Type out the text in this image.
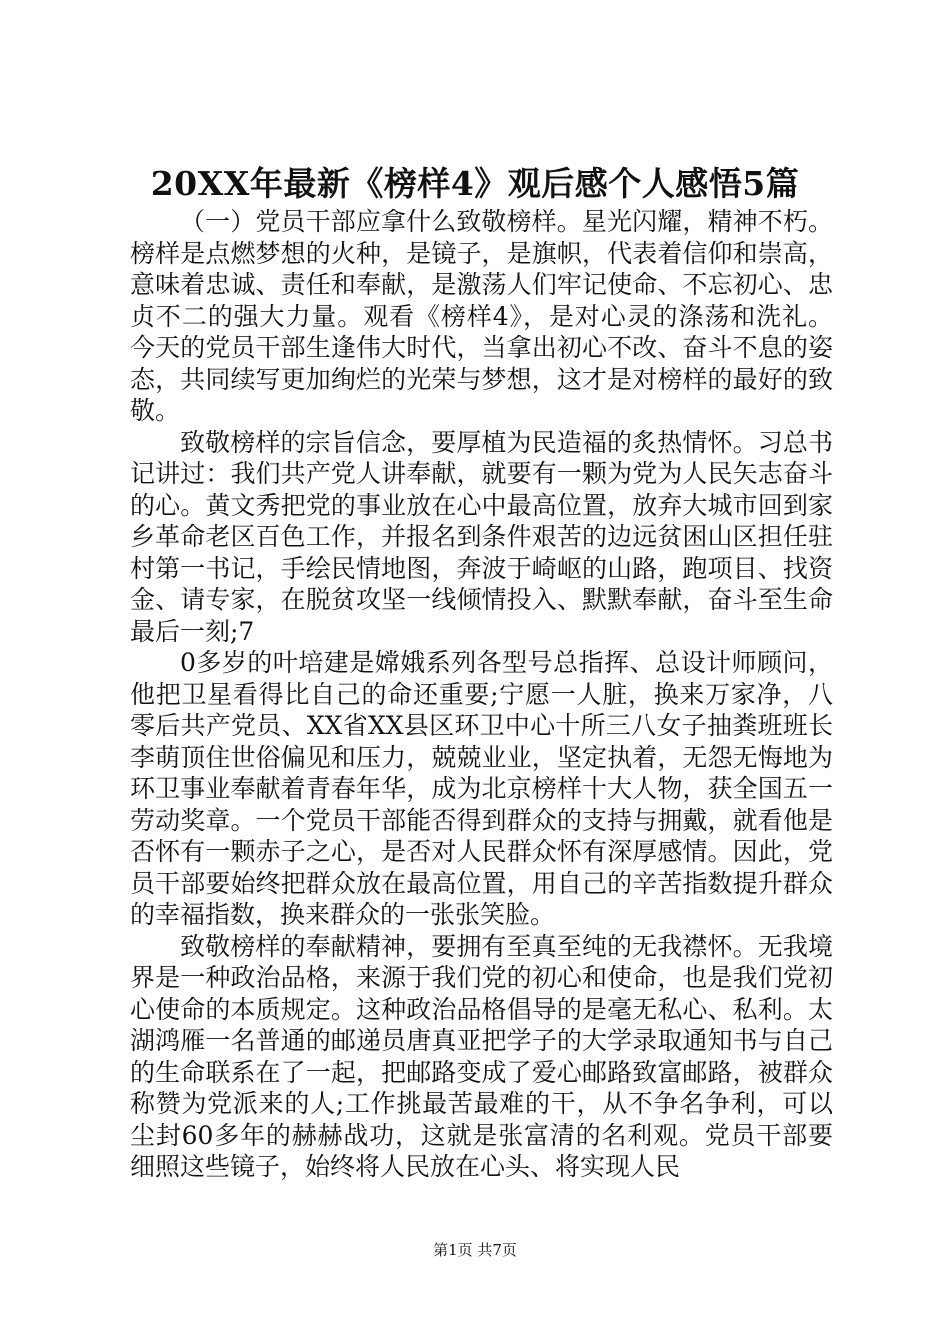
20XX年最新《榜样4》观后感个人感悟5篇

（一）党员干部应拿什么致敬榜样。星光闪耀，精神不朽。榜样是点燃梦想的火种，是镜子，是旗帜，代表着信仰和崇高，意味着忠诚、责任和奉献，是激荡人们牢记使命、不忘初心、忠贞不二的强大力量。观看《榜样4》，是对心灵的涤荡和洗礼。今天的党员干部生逢伟大时代，当拿出初心不改、奋斗不息的姿态，共同续写更加绚烂的光荣与梦想，这才是对榜样的最好的致敬。

致敬榜样的宗旨信念，要厚植为民造福的炙热情怀。习总书记讲过：我们共产党人讲奉献，就要有一颗为党为人民矢志奋斗的心。黄文秀把党的事业放在心中最高位置，放弃大城市回到家乡革命老区百色工作，并报名到条件艰苦的边远贫困山区担任驻村第一书记，手绘民情地图，奔波于崎岖的山路，跑项目、找资金、请专家，在脱贫攻坚一线倾情投入、默默奉献，奋斗至生命最后一刻;7

0多岁的叶培建是嫦娥系列各型号总指挥、总设计师顾问，他把卫星看得比自己的命还重要;宁愿一人脏，换来万家净，八零后共产党员、XX省XX县区环卫中心十所三八女子抽粪班班长李萌顶住世俗偏见和压力，兢兢业业，坚定执着，无怨无悔地为环卫事业奉献着青春年华，成为北京榜样十大人物，获全国五一劳动奖章。一个党员干部能否得到群众的支持与拥戴，就看他是否怀有一颗赤子之心，是否对人民群众怀有深厚感情。因此，党员干部要始终把群众放在最高位置，用自己的辛苦指数提升群众的幸福指数，换来群众的一张张笑脸。

致敬榜样的奉献精神，要拥有至真至纯的无我襟怀。无我境界是一种政治品格，来源于我们党的初心和使命，也是我们党初心使命的本质规定。这种政治品格倡导的是毫无私心、私利。太湖鸿雁一名普通的邮递员唐真亚把学子的大学录取通知书与自己的生命联系在了一起，把邮路变成了爱心邮路致富邮路，被群众称赞为党派来的人;工作挑最苦最难的干，从不争名争利，可以尘封60多年的赫赫战功，这就是张富清的名利观。党员干部要细照这些镜子，始终将人民放在心头、将实现人民

第1页 共7页
